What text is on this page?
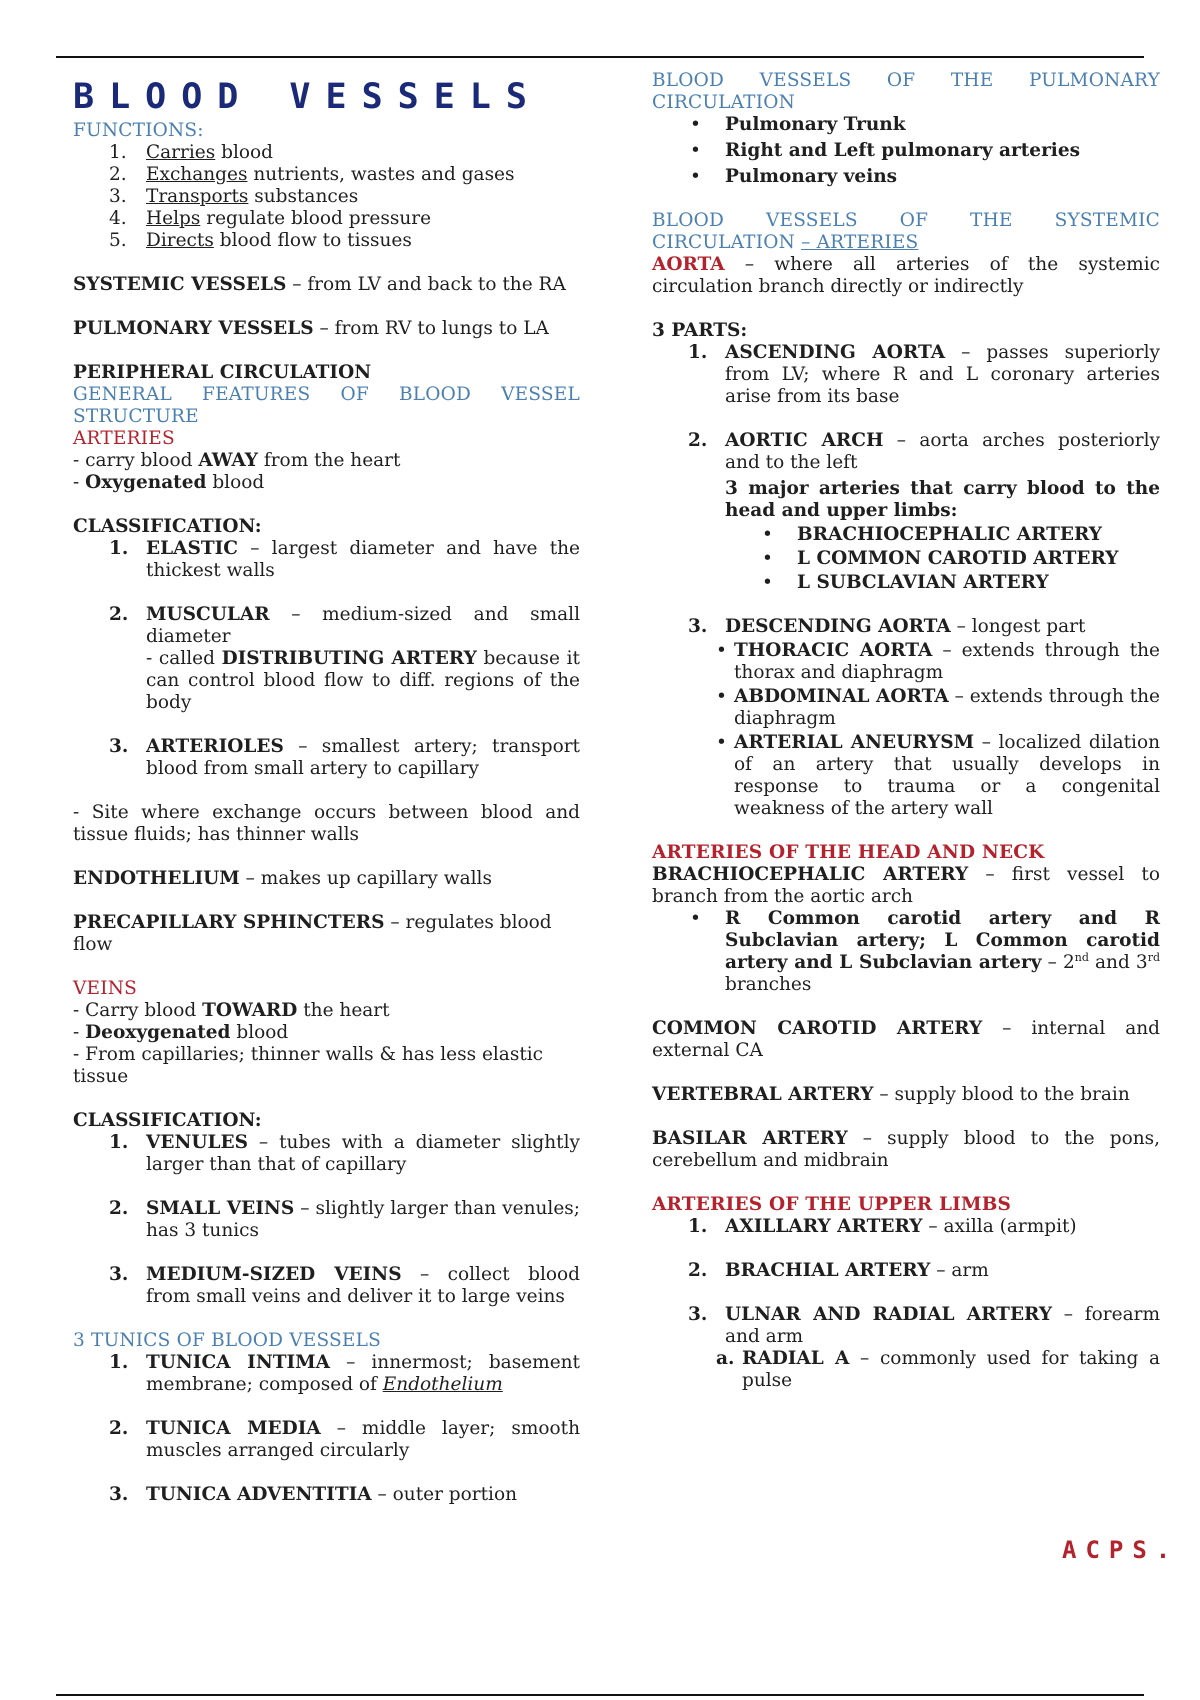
BLOOD VESSELS

FUNCTIONS:

1.	Carries blood
2.	Exchanges nutrients, wastes and gases
3.	Transports substances
4.	Helps regulate blood pressure
5.	Directs blood flow to tissues

SYSTEMIC VESSELS – from LV and back to the RA

PULMONARY VESSELS – from RV to lungs to LA

PERIPHERAL CIRCULATION

GENERAL FEATURES OF BLOOD VESSEL

STRUCTURE

ARTERIES

- carry blood AWAY from the heart

- Oxygenated blood

CLASSIFICATION:

1. ELASTIC – largest diameter and have the thickest walls
2. MUSCULAR – medium-sized and small diameter
- called DISTRIBUTING ARTERY because it can control blood flow to diff. regions of the body
3. ARTERIOLES – smallest artery; transport blood from small artery to capillary

- Site where exchange occurs between blood and tissue fluids; has thinner walls

ENDOTHELIUM – makes up capillary walls

PRECAPILLARY SPHINCTERS – regulates blood flow

VEINS

- Carry blood TOWARD the heart

- Deoxygenated blood

- From capillaries; thinner walls & has less elastic tissue

CLASSIFICATION:

1. VENULES – tubes with a diameter slightly larger than that of capillary
2. SMALL VEINS – slightly larger than venules; has 3 tunics
3. MEDIUM-SIZED VEINS – collect blood from small veins and deliver it to large veins

3 TUNICS OF BLOOD VESSELS

1. TUNICA INTIMA – innermost; basement membrane; composed of Endothelium
2. TUNICA MEDIA – middle layer; smooth muscles arranged circularly
3. TUNICA ADVENTITIA – outer portion

BLOOD VESSELS OF THE PULMONARY

CIRCULATION

• Pulmonary Trunk
• Right and Left pulmonary arteries
• Pulmonary veins

BLOOD VESSELS OF THE SYSTEMIC

CIRCULATION – ARTERIES

AORTA – where all arteries of the systemic circulation branch directly or indirectly

3 PARTS:

1. ASCENDING AORTA – passes superiorly from LV; where R and L coronary arteries arise from its base
2. AORTIC ARCH – aorta arches posteriorly and to the left
3 major arteries that carry blood to the head and upper limbs:
• BRACHIOCEPHALIC ARTERY
• L COMMON CAROTID ARTERY
• L SUBCLAVIAN ARTERY
3. DESCENDING AORTA – longest part
• THORACIC AORTA – extends through the thorax and diaphragm
• ABDOMINAL AORTA – extends through the diaphragm
• ARTERIAL ANEURYSM – localized dilation of an artery that usually develops in response to trauma or a congenital weakness of the artery wall

ARTERIES OF THE HEAD AND NECK

BRACHIOCEPHALIC ARTERY – first vessel to branch from the aortic arch

• R Common carotid artery and R Subclavian artery; L Common carotid artery and L Subclavian artery – 2nd and 3rd branches

COMMON CAROTID ARTERY – internal and external CA

VERTEBRAL ARTERY – supply blood to the brain

BASILAR ARTERY – supply blood to the pons, cerebellum and midbrain

ARTERIES OF THE UPPER LIMBS

1. AXILLARY ARTERY – axilla (armpit)
2. BRACHIAL ARTERY – arm
3. ULNAR AND RADIAL ARTERY – forearm and arm
a. RADIAL A – commonly used for taking a pulse
ACPS.
